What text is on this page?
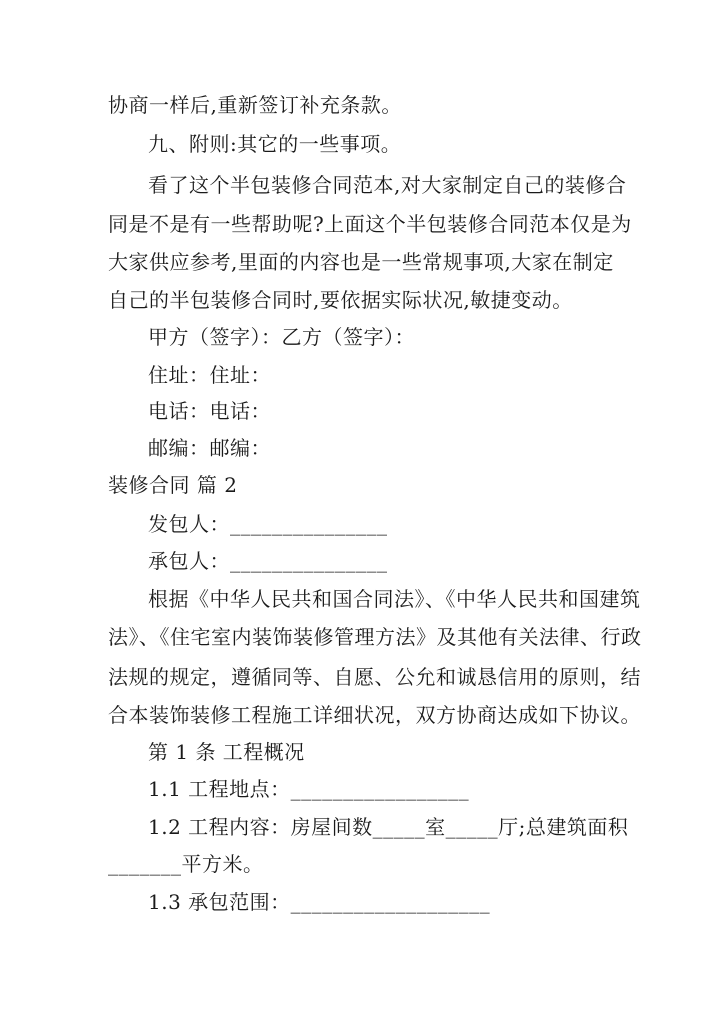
协商一样后,重新签订补充条款。
九、附则:其它的一些事项。
看了这个半包装修合同范本,对大家制定自己的装修合
同是不是有一些帮助呢?上面这个半包装修合同范本仅是为
大家供应参考,里面的内容也是一些常规事项,大家在制定
自己的半包装修合同时,要依据实际状况,敏捷变动。
甲方（签字）：乙方（签字）：
住址：住址：
电话：电话：
邮编：邮编：
装修合同 篇 2
发包人：_______________
承包人：_______________
根据《中华人民共和国合同法》、《中华人民共和国建筑
法》、《住宅室内装饰装修管理方法》及其他有关法律、行政
法规的规定，遵循同等、自愿、公允和诚恳信用的原则，结
合本装饰装修工程施工详细状况，双方协商达成如下协议。
第 1 条 工程概况
1.1 工程地点：_________________
1.2 工程内容：房屋间数_____室_____厅;总建筑面积
_______平方米。
1.3 承包范围：___________________
